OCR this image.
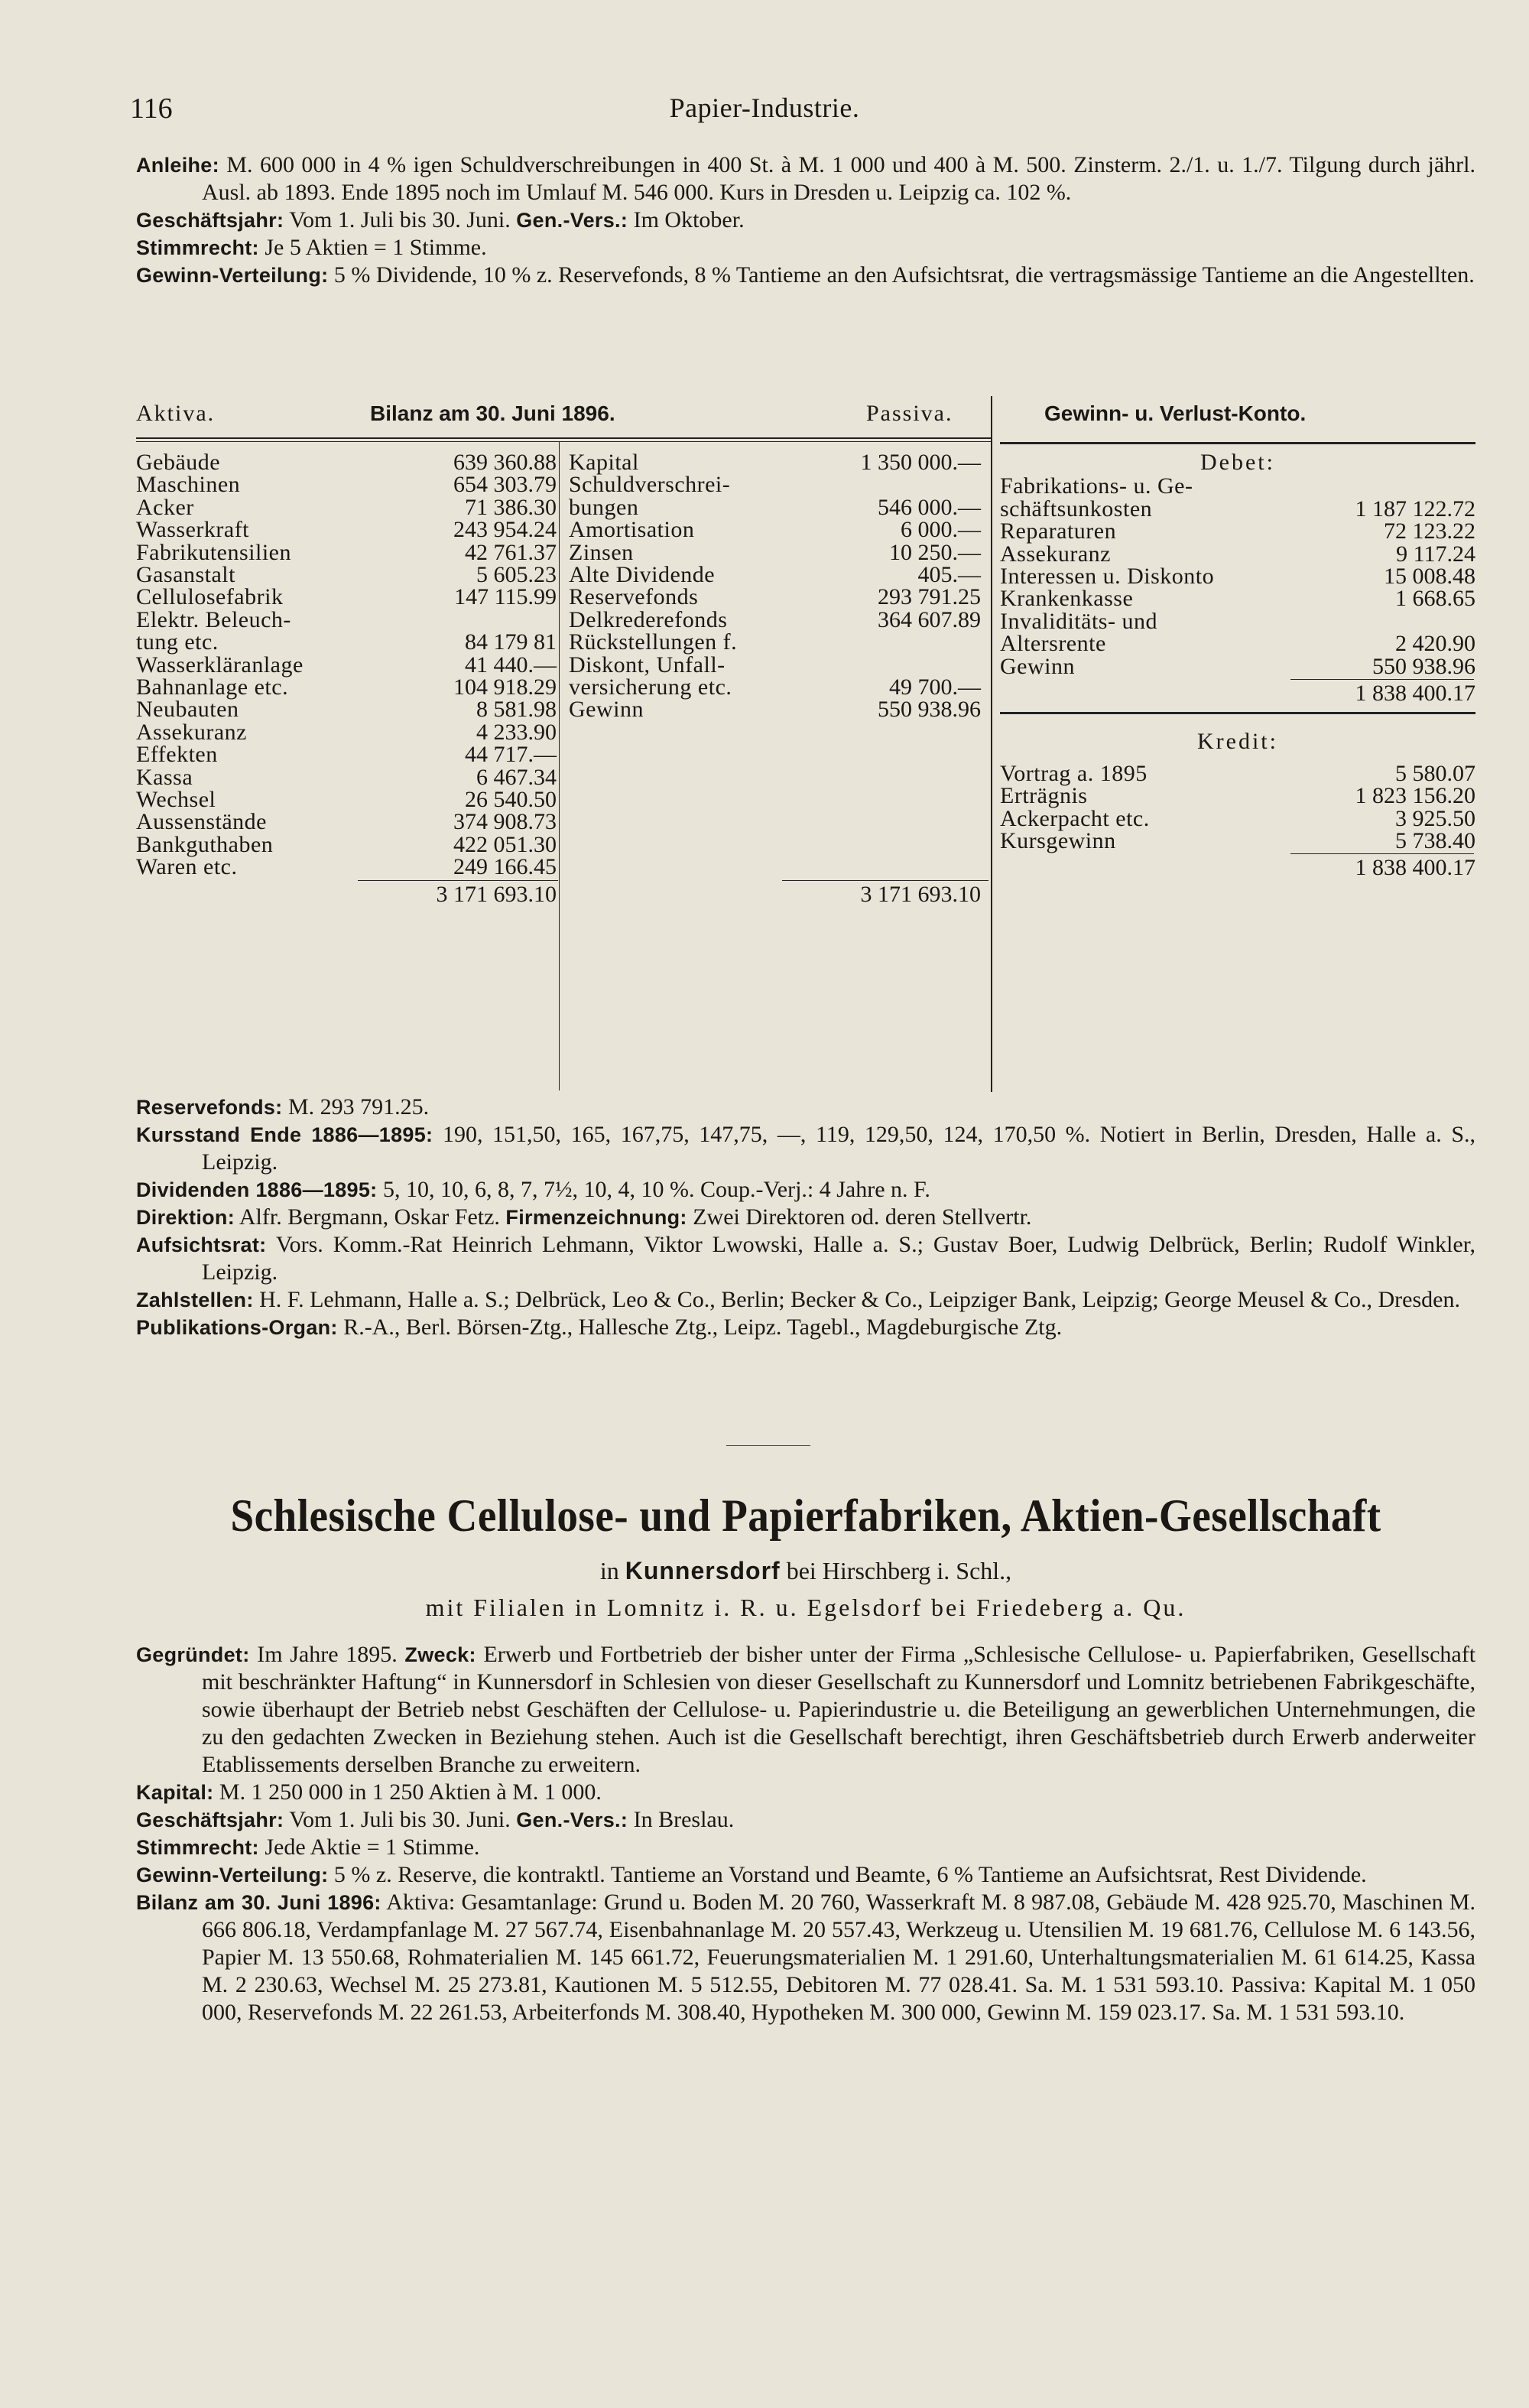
116	Papier-Industrie.

Anleihe: M. 600 000 in 4 % igen Schuldverschreibungen in 400 St. à M. 1 000 und 400 à M. 500. Zinsterm. 2./1. u. 1./7. Tilgung durch jährl. Ausl. ab 1893. Ende 1895 noch im Umlauf M. 546 000. Kurs in Dresden u. Leipzig ca. 102 %.

Geschäftsjahr: Vom 1. Juli bis 30. Juni. Gen.-Vers.: Im Oktober.

Stimmrecht: Je 5 Aktien = 1 Stimme.

Gewinn-Verteilung: 5 % Dividende, 10 % z. Reservefonds, 8 % Tantieme an den Aufsichtsrat, die vertragsmässige Tantieme an die Angestellten.

Aktiva.	Bilanz am 30. Juni 1896.	Passiva.	Gewinn- u. Verlust-Konto.
Gebäude	639 360.88
Maschinen	654 303.79
Acker	71 386.30
Wasserkraft	243 954.24
Fabrikutensilien	42 761.37
Gasanstalt	5 605.23
Cellulosefabrik	147 115.99
Elektr. Beleuch-
tung etc.	84 179 81
Wasserkläranlage	41 440.—
Bahnanlage etc.	104 918.29
Neubauten	8 581.98
Assekuranz	4 233.90
Effekten	44 717.—
Kassa	6 467.34
Wechsel	26 540.50
Aussenstände	374 908.73
Bankguthaben	422 051.30
Waren etc.	249 166.45
3 171 693.10
Kapital	1 350 000.—
Schuldverschrei-
bungen	546 000.—
Amortisation	6 000.—
Zinsen	10 250.—
Alte Dividende	405.—
Reservefonds	293 791.25
Delkrederefonds	364 607.89
Rückstellungen f.
Diskont, Unfall-
versicherung etc.	49 700.—
Gewinn	550 938.96
3 171 693.10
Debet:
Fabrikations- u. Ge-
schäftsunkosten	1 187 122.72
Reparaturen	72 123.22
Assekuranz	9 117.24
Interessen u. Diskonto	15 008.48
Krankenkasse	1 668.65
Invaliditäts- und
Altersrente	2 420.90
Gewinn	550 938.96
1 838 400.17
Kredit:
Vortrag a. 1895	5 580.07
Erträgnis	1 823 156.20
Ackerpacht etc.	3 925.50
Kursgewinn	5 738.40
1 838 400.17

Reservefonds: M. 293 791.25.

Kursstand Ende 1886—1895: 190, 151,50, 165, 167,75, 147,75, —, 119, 129,50, 124, 170,50 %. Notiert in Berlin, Dresden, Halle a. S., Leipzig.

Dividenden 1886—1895: 5, 10, 10, 6, 8, 7, 7½, 10, 4, 10 %. Coup.-Verj.: 4 Jahre n. F.

Direktion: Alfr. Bergmann, Oskar Fetz. Firmenzeichnung: Zwei Direktoren od. deren Stellvertr.

Aufsichtsrat: Vors. Komm.-Rat Heinrich Lehmann, Viktor Lwowski, Halle a. S.; Gustav Boer, Ludwig Delbrück, Berlin; Rudolf Winkler, Leipzig.

Zahlstellen: H. F. Lehmann, Halle a. S.; Delbrück, Leo & Co., Berlin; Becker & Co., Leipziger Bank, Leipzig; George Meusel & Co., Dresden.

Publikations-Organ: R.-A., Berl. Börsen-Ztg., Hallesche Ztg., Leipz. Tagebl., Magdeburgische Ztg.

Schlesische Cellulose- und Papierfabriken, Aktien-Gesellschaft
in Kunnersdorf bei Hirschberg i. Schl.,
mit Filialen in Lomnitz i. R. u. Egelsdorf bei Friedeberg a. Qu.

Gegründet: Im Jahre 1895. Zweck: Erwerb und Fortbetrieb der bisher unter der Firma „Schlesische Cellulose- u. Papierfabriken, Gesellschaft mit beschränkter Haftung“ in Kunnersdorf in Schlesien von dieser Gesellschaft zu Kunnersdorf und Lomnitz betriebenen Fabrikgeschäfte, sowie überhaupt der Betrieb nebst Geschäften der Cellulose- u. Papierindustrie u. die Beteiligung an gewerblichen Unternehmungen, die zu den gedachten Zwecken in Beziehung stehen. Auch ist die Gesellschaft berechtigt, ihren Geschäftsbetrieb durch Erwerb anderweiter Etablissements derselben Branche zu erweitern.

Kapital: M. 1 250 000 in 1 250 Aktien à M. 1 000.

Geschäftsjahr: Vom 1. Juli bis 30. Juni. Gen.-Vers.: In Breslau.

Stimmrecht: Jede Aktie = 1 Stimme.

Gewinn-Verteilung: 5 % z. Reserve, die kontraktl. Tantieme an Vorstand und Beamte, 6 % Tantieme an Aufsichtsrat, Rest Dividende.

Bilanz am 30. Juni 1896: Aktiva: Gesamtanlage: Grund u. Boden M. 20 760, Wasserkraft M. 8 987.08, Gebäude M. 428 925.70, Maschinen M. 666 806.18, Verdampfanlage M. 27 567.74, Eisenbahnanlage M. 20 557.43, Werkzeug u. Utensilien M. 19 681.76, Cellulose M. 6 143.56, Papier M. 13 550.68, Rohmaterialien M. 145 661.72, Feuerungsmaterialien M. 1 291.60, Unterhaltungsmaterialien M. 61 614.25, Kassa M. 2 230.63, Wechsel M. 25 273.81, Kautionen M. 5 512.55, Debitoren M. 77 028.41. Sa. M. 1 531 593.10. Passiva: Kapital M. 1 050 000, Reservefonds M. 22 261.53, Arbeiterfonds M. 308.40, Hypotheken M. 300 000, Gewinn M. 159 023.17. Sa. M. 1 531 593.10.
